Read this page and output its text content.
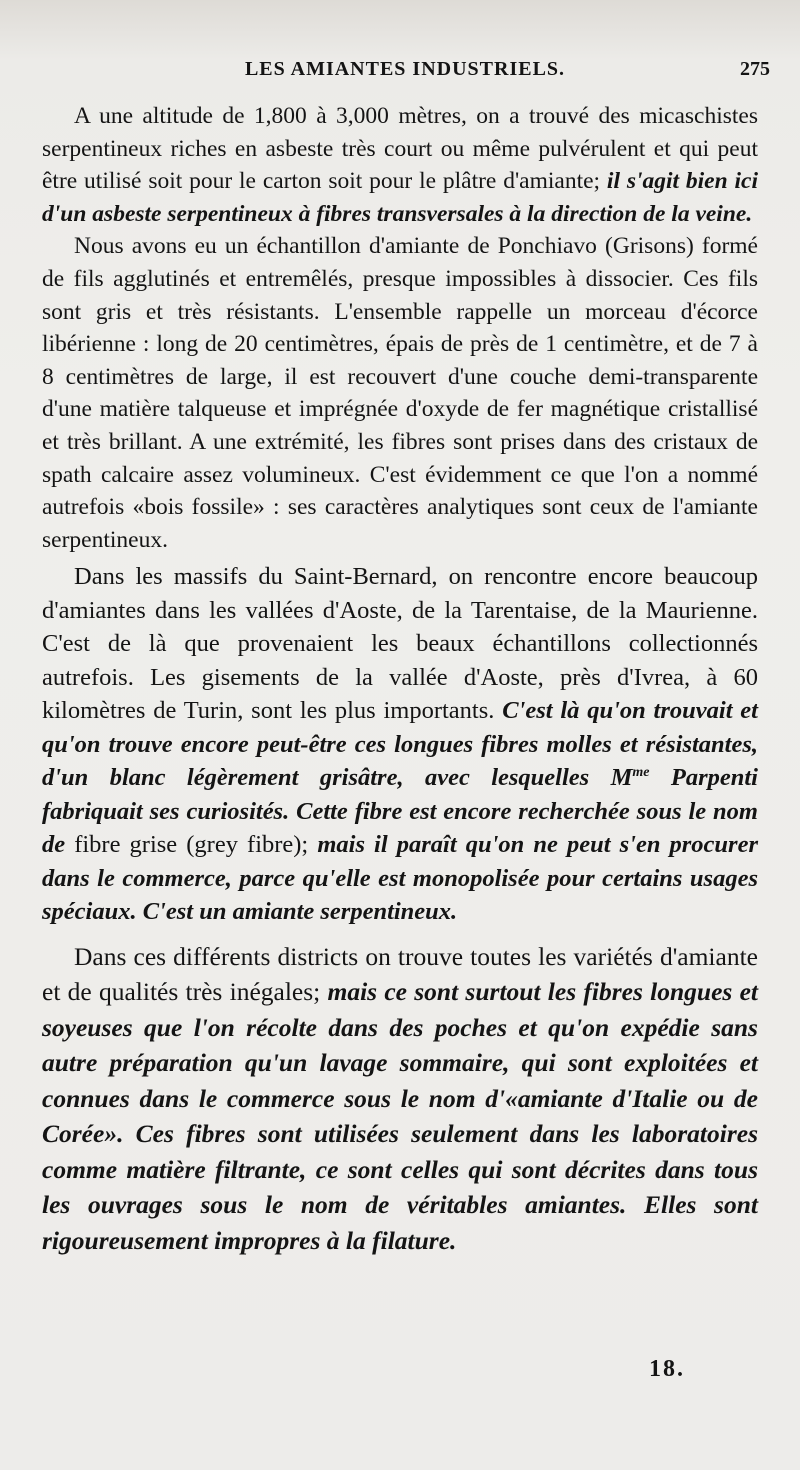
LES AMIANTES INDUSTRIELS.	275

A une altitude de 1,800 à 3,000 mètres, on a trouvé des micaschistes serpentineux riches en asbeste très court ou même pulvérulent et qui peut être utilisé soit pour le carton soit pour le plâtre d'amiante; il s'agit bien ici d'un asbeste serpentineux à fibres transversales à la direction de la veine.

Nous avons eu un échantillon d'amiante de Ponchiavo (Grisons) formé de fils agglutinés et entremêlés, presque impossibles à dissocier. Ces fils sont gris et très résistants. L'ensemble rappelle un morceau d'écorce libérienne : long de 20 centimètres, épais de près de 1 centimètre, et de 7 à 8 centimètres de large, il est recouvert d'une couche demi-transparente d'une matière talqueuse et imprégnée d'oxyde de fer magnétique cristallisé et très brillant. A une extrémité, les fibres sont prises dans des cristaux de spath calcaire assez volumineux. C'est évidemment ce que l'on a nommé autrefois «bois fossile» : ses caractères analytiques sont ceux de l'amiante serpentineux.

Dans les massifs du Saint-Bernard, on rencontre encore beaucoup d'amiantes dans les vallées d'Aoste, de la Tarentaise, de la Maurienne. C'est de là que provenaient les beaux échantillons collectionnés autrefois. Les gisements de la vallée d'Aoste, près d'Ivrea, à 60 kilomètres de Turin, sont les plus importants. C'est là qu'on trouvait et qu'on trouve encore peut-être ces longues fibres molles et résistantes, d'un blanc légèrement grisâtre, avec lesquelles $M^{me}$ Parpenti fabriquait ses curiosités. Cette fibre est encore recherchée sous le nom de fibre grise (grey fibre); mais il paraît qu'on ne peut s'en procurer dans le commerce, parce qu'elle est monopolisée pour certains usages spéciaux. C'est un amiante serpentineux.

Dans ces différents districts on trouve toutes les variétés d'amiante et de qualités très inégales; mais ce sont surtout les fibres longues et soyeuses que l'on récolte dans des poches et qu'on expédie sans autre préparation qu'un lavage sommaire, qui sont exploitées et connues dans le commerce sous le nom d'«amiante d'Italie ou de Corée». Ces fibres sont utilisées seulement dans les laboratoires comme matière filtrante, ce sont celles qui sont décrites dans tous les ouvrages sous le nom de véritables amiantes. Elles sont rigoureusement impropres à la filature.

18.
